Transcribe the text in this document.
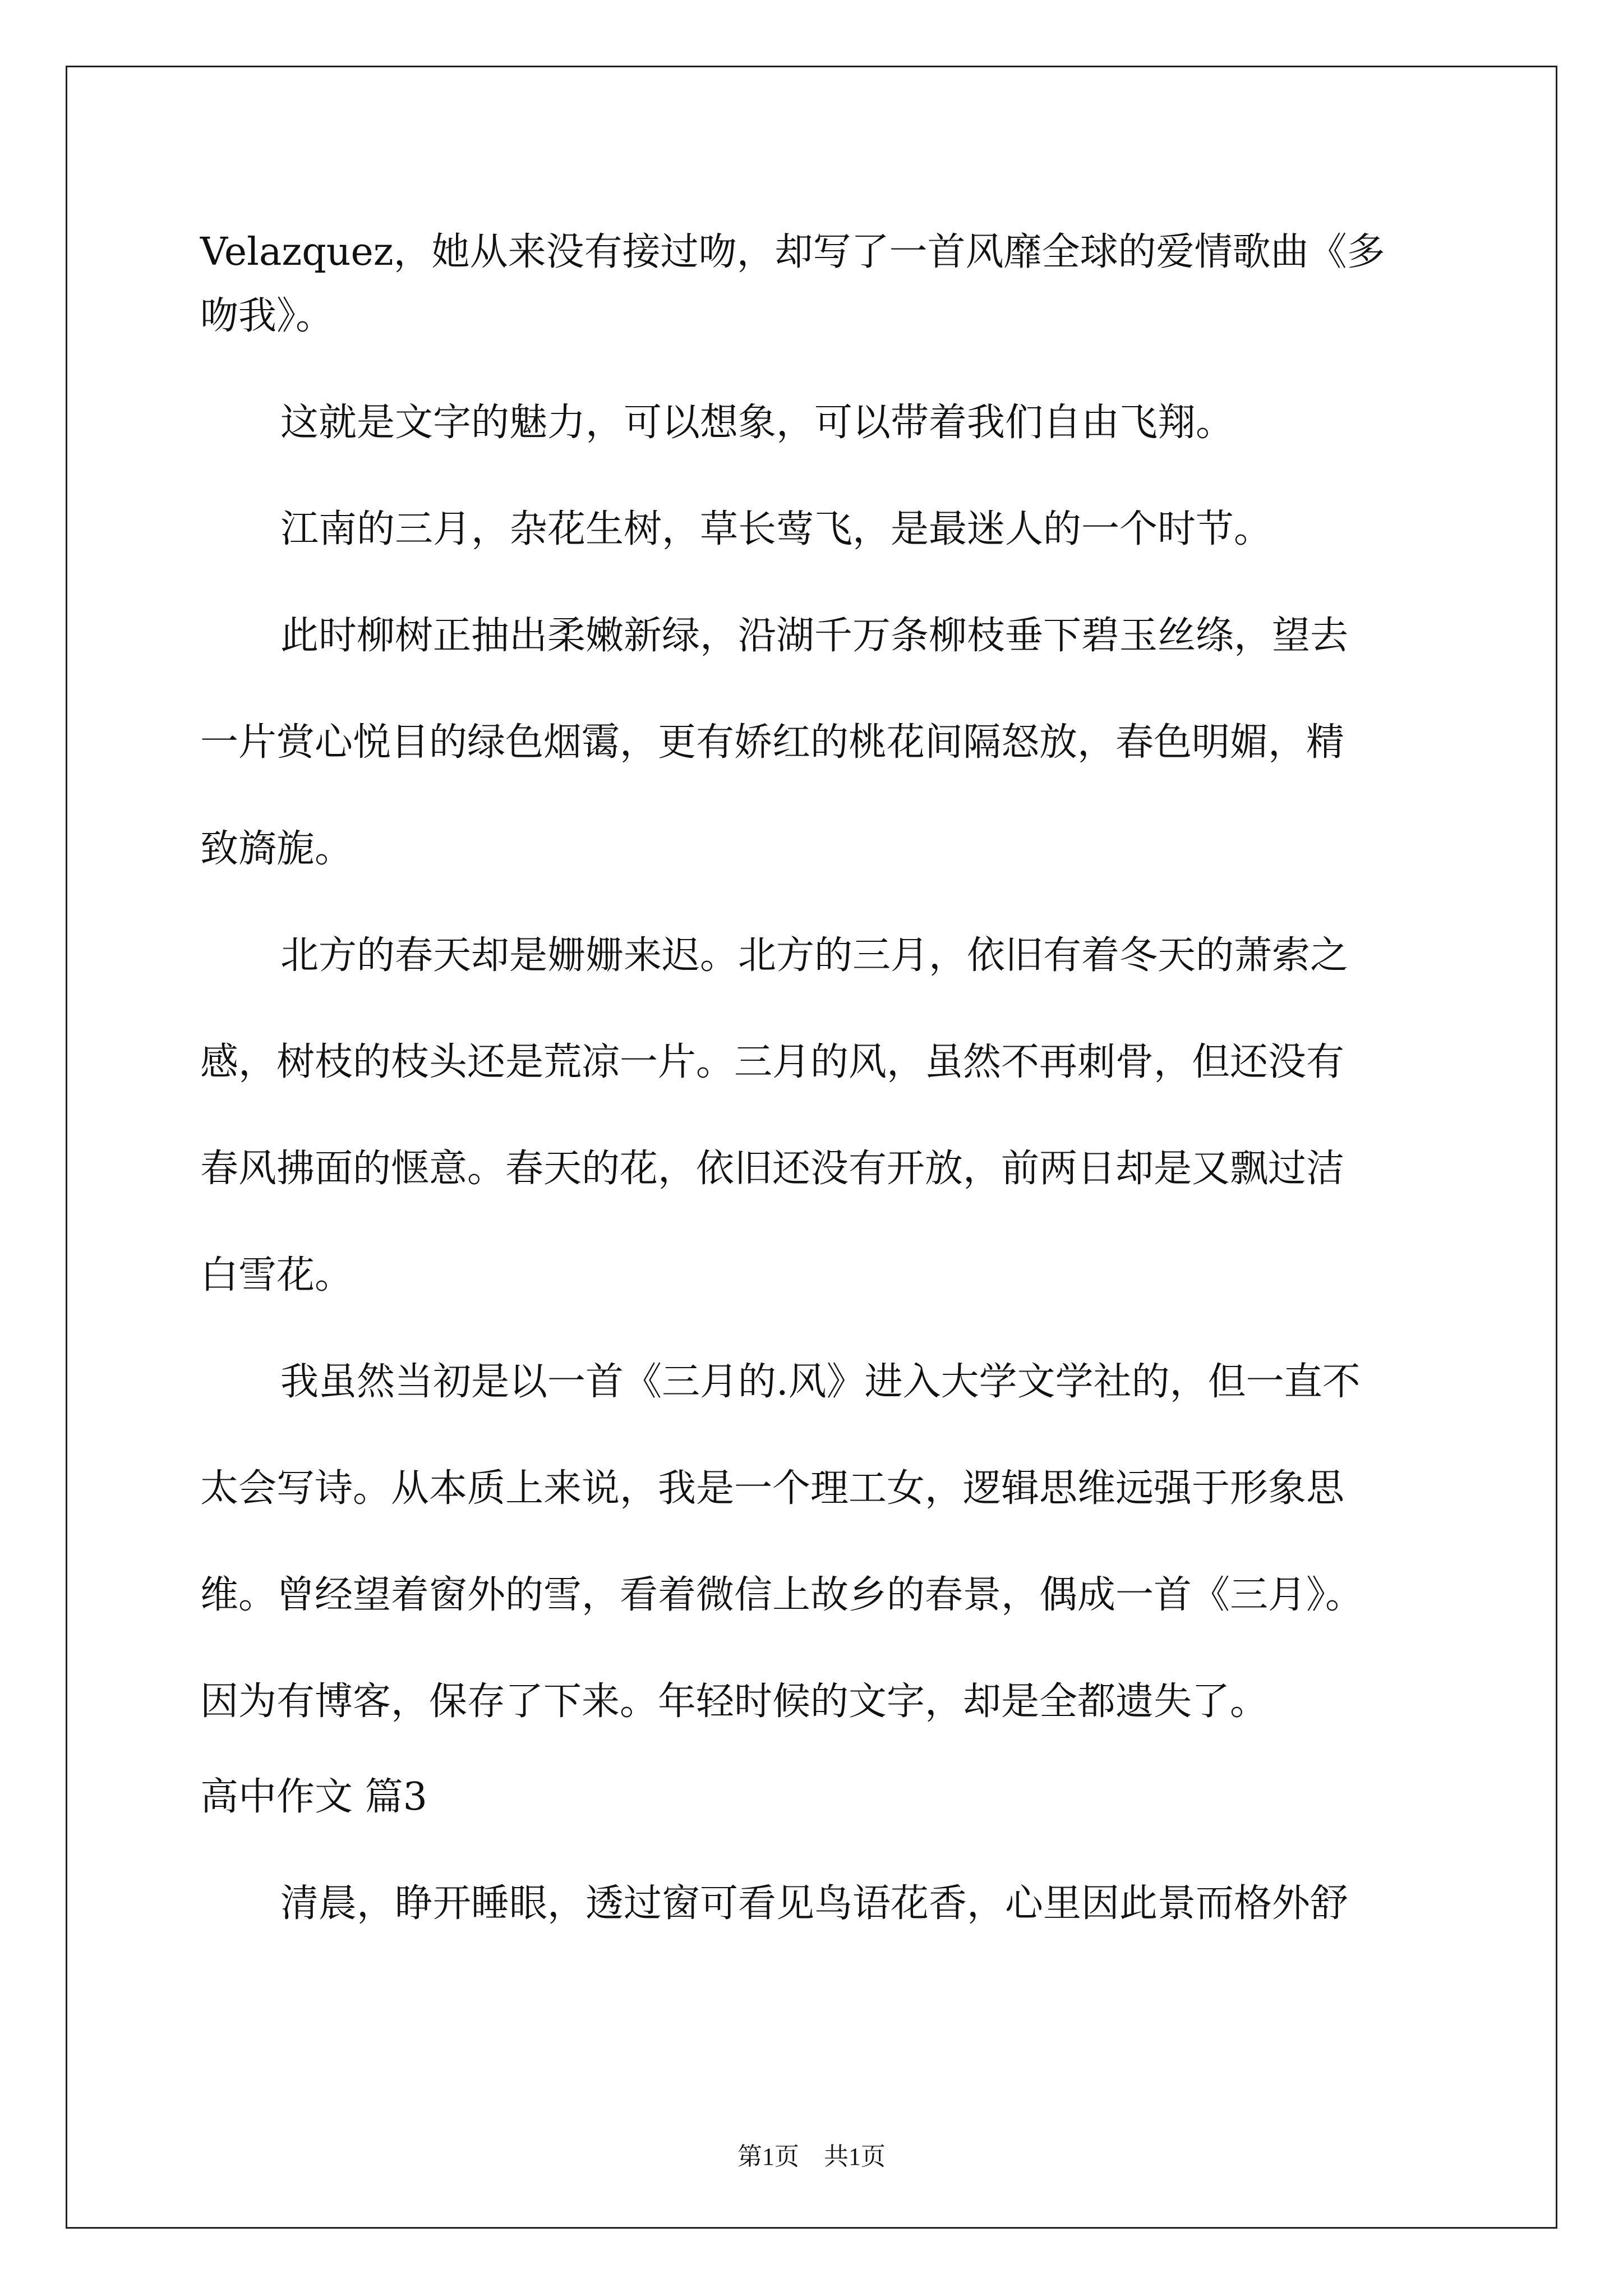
Velazquez，她从来没有接过吻，却写了一首风靡全球的爱情歌曲《多
吻我》。
这就是文字的魅力，可以想象，可以带着我们自由飞翔。
江南的三月，杂花生树，草长莺飞，是最迷人的一个时节。
此时柳树正抽出柔嫩新绿，沿湖千万条柳枝垂下碧玉丝绦，望去
一片赏心悦目的绿色烟霭，更有娇红的桃花间隔怒放，春色明媚，精
致旖旎。
北方的春天却是姗姗来迟。北方的三月，依旧有着冬天的萧索之
感，树枝的枝头还是荒凉一片。三月的风，虽然不再刺骨，但还没有
春风拂面的惬意。春天的花，依旧还没有开放，前两日却是又飘过洁
白雪花。
我虽然当初是以一首《三月的.风》进入大学文学社的，但一直不
太会写诗。从本质上来说，我是一个理工女，逻辑思维远强于形象思
维。曾经望着窗外的雪，看着微信上故乡的春景，偶成一首《三月》。
因为有博客，保存了下来。年轻时候的文字，却是全都遗失了。
高中作文 篇3
清晨，睁开睡眼，透过窗可看见鸟语花香，心里因此景而格外舒
第1页　共1页
